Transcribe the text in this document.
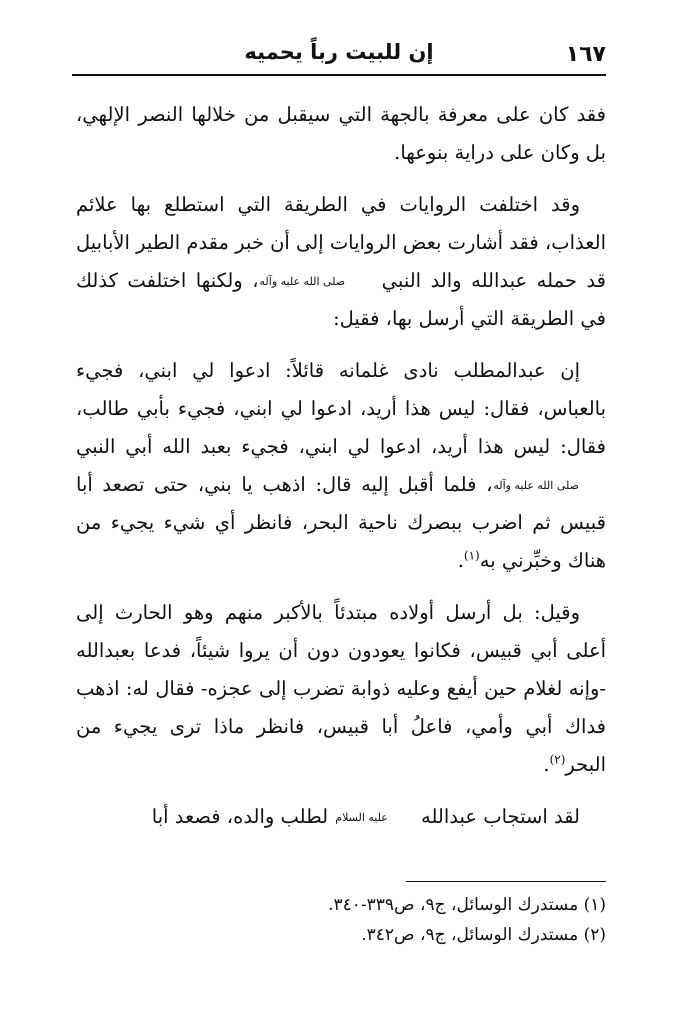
١٦٧
إن للبيت رباً يحميه

فقد كان على معرفة بالجهة التي سيقبل من خلالها النصر الإلهي، بل وكان على دراية بنوعها.

وقد اختلفت الروايات في الطريقة التي استطلع بها علائم العذاب، فقد أشارت بعض الروايات إلى أن خبر مقدم الطير الأبابيل قد حمله عبدالله والد النبي صلى الله عليه وآله، ولكنها اختلفت كذلك في الطريقة التي أرسل بها، فقيل:

إن عبدالمطلب نادى غلمانه قائلاً: ادعوا لي ابني، فجيء بالعباس، فقال: ليس هذا أريد، ادعوا لي ابني، فجيء بأبي طالب، فقال: ليس هذا أريد، ادعوا لي ابني، فجيء بعبد الله أبي النبي صلى الله عليه وآله، فلما أقبل إليه قال: اذهب يا بني، حتى تصعد أبا قبيس ثم اضرب ببصرك ناحية البحر، فانظر أي شيء يجيء من هناك وخبِّرني به$^{(١)}$.

وقيل: بل أرسل أولاده مبتدئاً بالأكبر منهم وهو الحارث إلى أعلى أبي قبيس، فكانوا يعودون دون أن يروا شيئاً، فدعا بعبدالله -وإنه لغلام حين أيفع وعليه ذوابة تضرب إلى عجزه- فقال له: اذهب فداك أبي وأمي، فاعلُ أبا قبيس، فانظر ماذا ترى يجيء من البحر$^{(٢)}$.

لقد استجاب عبدالله عليه السلام لطلب والده، فصعد أبا

(١) مستدرك الوسائل، ج٩، ص٣٣٩-٣٤٠.

(٢) مستدرك الوسائل، ج٩، ص٣٤٢.
